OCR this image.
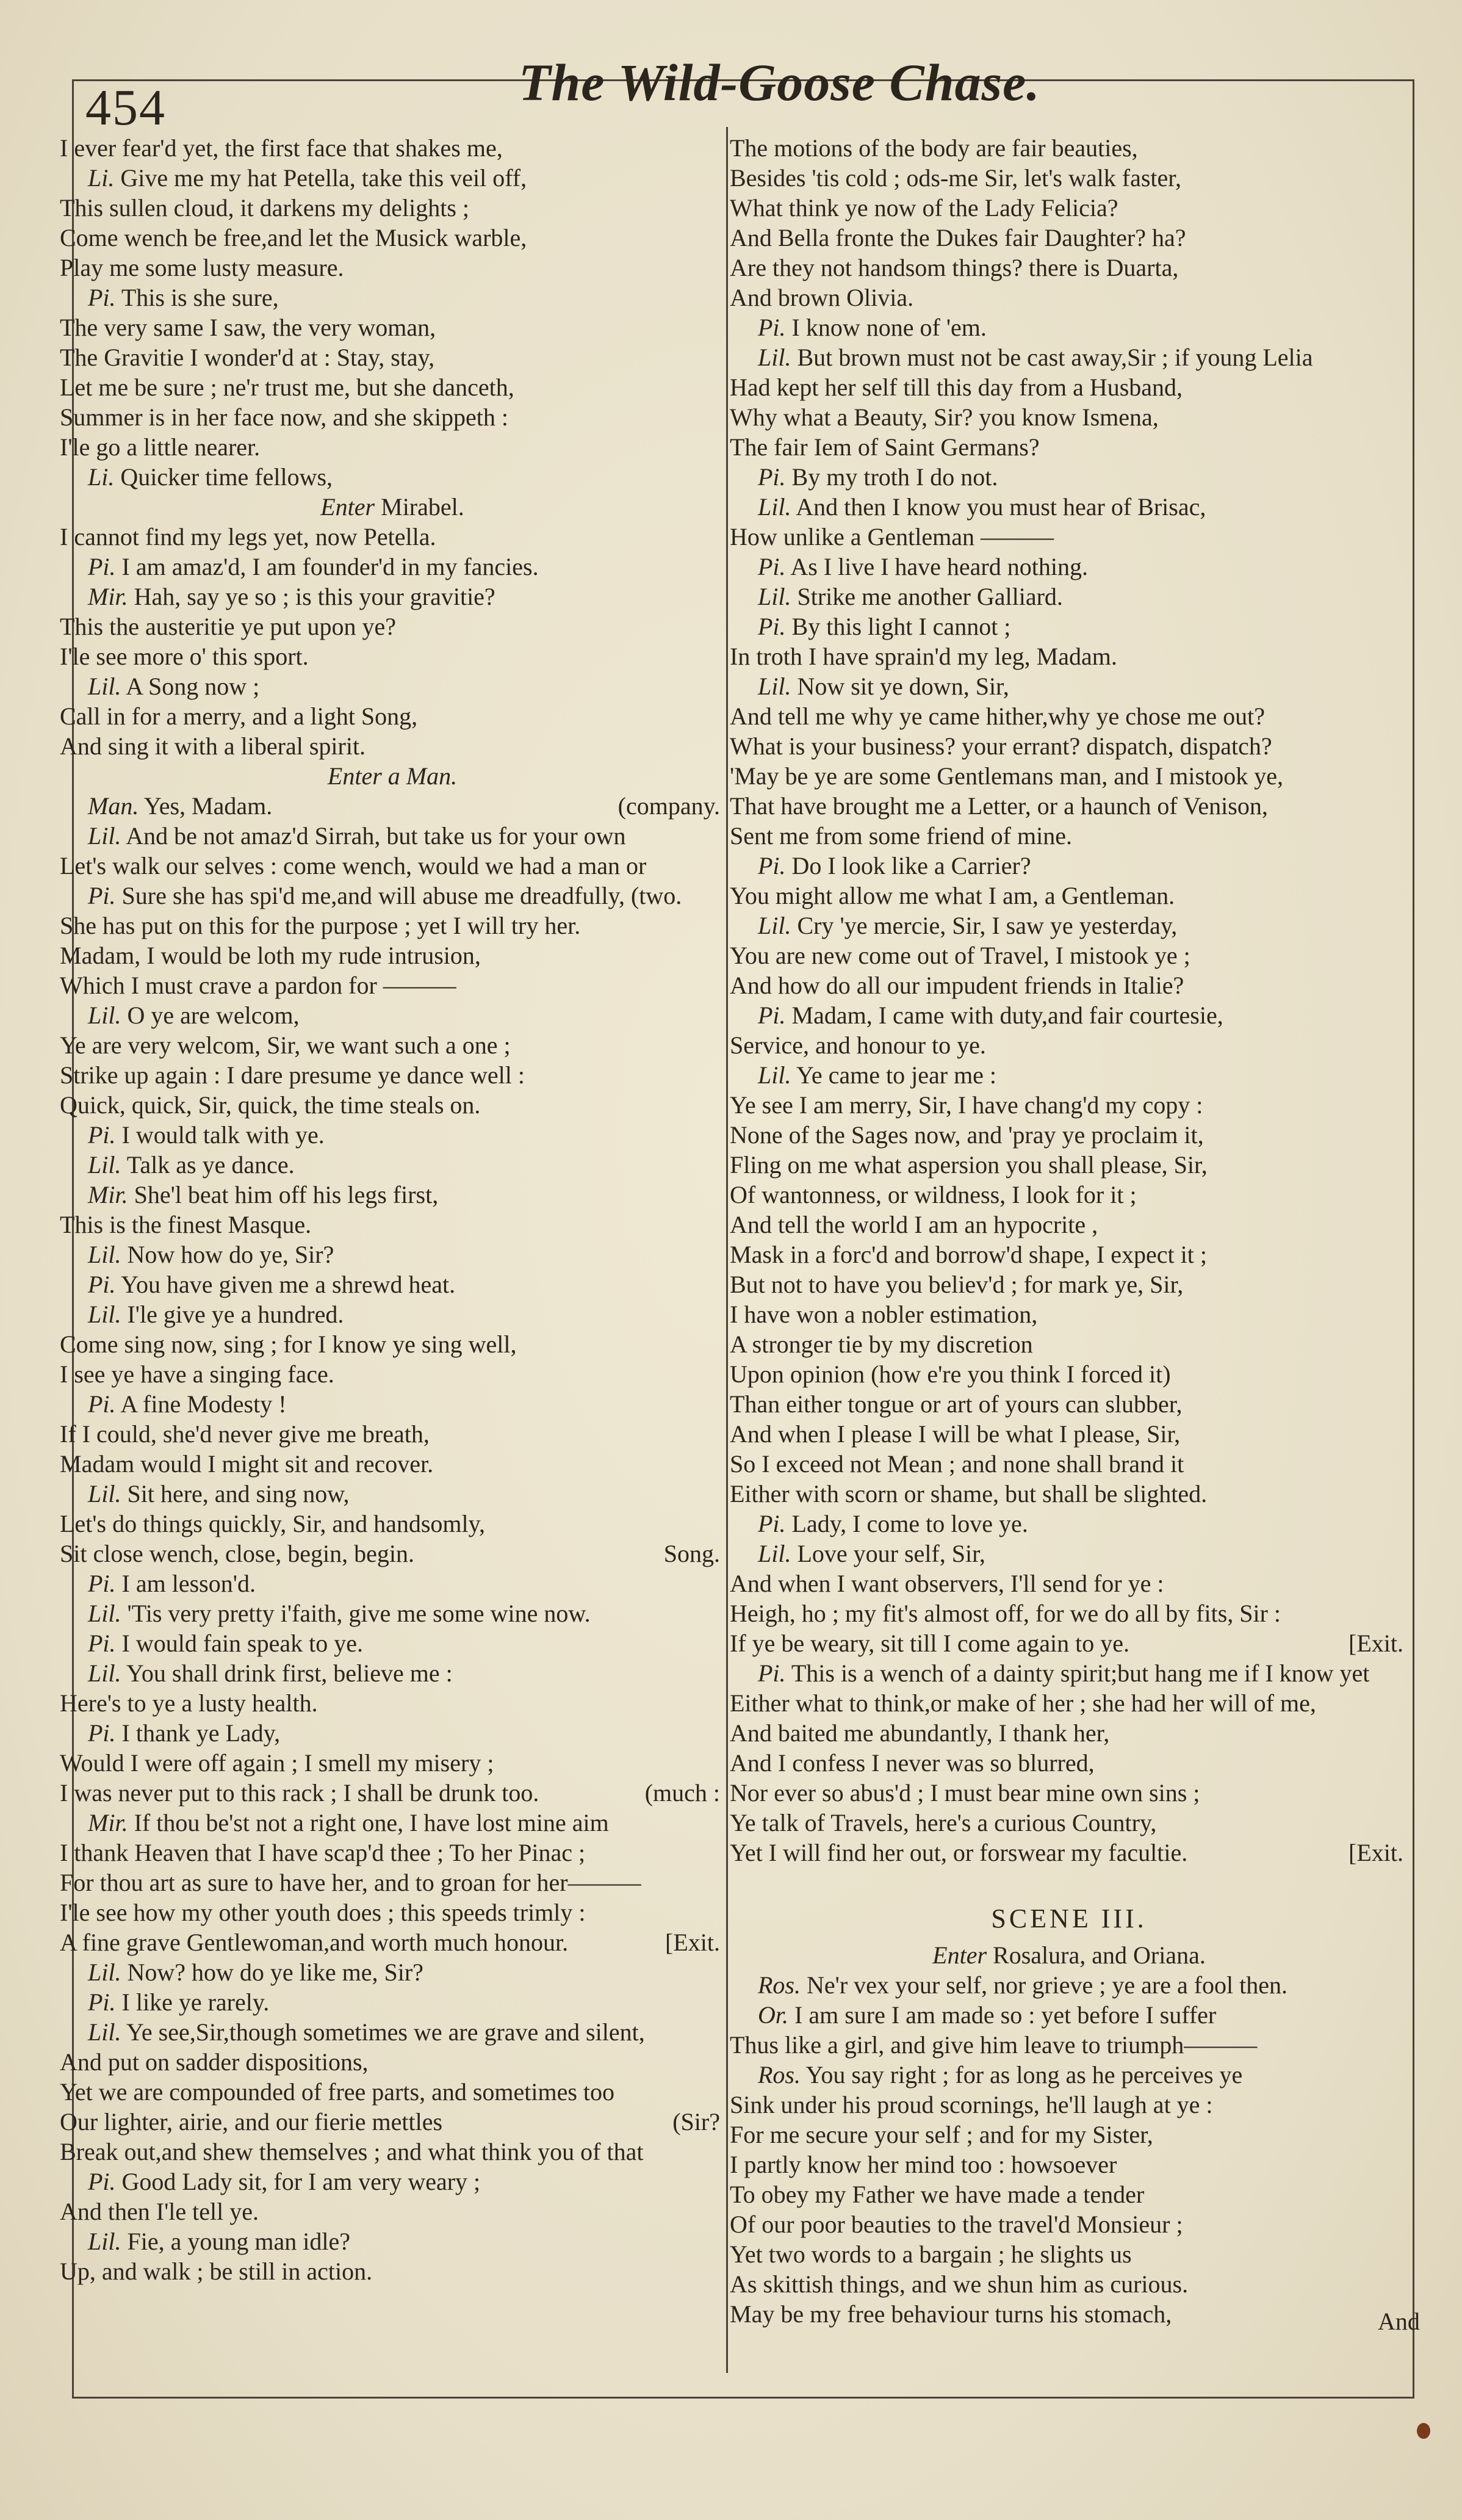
454	The Wild-Goose Chase.
I ever fear'd yet, the first face that shakes me,
Li. Give me my hat Petella, take this veil off,
This sullen cloud, it darkens my delights ;
Come wench be free,and let the Musick warble,
Play me some lusty measure.
Pi. This is she sure,
The very same I saw, the very woman,
The Gravitie I wonder'd at : Stay, stay,
Let me be sure ; ne'r trust me, but she danceth,
Summer is in her face now, and she skippeth :
I'le go a little nearer.
Li. Quicker time fellows,
Enter Mirabel.
I cannot find my legs yet, now Petella.
Pi. I am amaz'd, I am founder'd in my fancies.
Mir. Hah, say ye so ; is this your gravitie?
This the austeritie ye put upon ye?
I'le see more o' this sport.
Lil. A Song now ;
Call in for a merry, and a light Song,
And sing it with a liberal spirit.
Enter a Man.
Man. Yes, Madam.	(company.
Lil. And be not amaz'd Sirrah, but take us for your own
Let's walk our selves : come wench, would we had a man or
Pi. Sure she has spi'd me,and will abuse me dreadfully, (two.
She has put on this for the purpose ; yet I will try her.
Madam, I would be loth my rude intrusion,
Which I must crave a pardon for ———
Lil. O ye are welcom,
Ye are very welcom, Sir, we want such a one ;
Strike up again : I dare presume ye dance well :
Quick, quick, Sir, quick, the time steals on.
Pi. I would talk with ye.
Lil. Talk as ye dance.
Mir. She'l beat him off his legs first,
This is the finest Masque.
Lil. Now how do ye, Sir?
Pi. You have given me a shrewd heat.
Lil. I'le give ye a hundred.
Come sing now, sing ; for I know ye sing well,
I see ye have a singing face.
Pi. A fine Modesty !
If I could, she'd never give me breath,
Madam would I might sit and recover.
Lil. Sit here, and sing now,
Let's do things quickly, Sir, and handsomly,
Sit close wench, close, begin, begin.	Song.
Pi. I am lesson'd.
Lil. 'Tis very pretty i'faith, give me some wine now.
Pi. I would fain speak to ye.
Lil. You shall drink first, believe me :
Here's to ye a lusty health.
Pi. I thank ye Lady,
Would I were off again ; I smell my misery ;
I was never put to this rack ; I shall be drunk too.	(much :
Mir. If thou be'st not a right one, I have lost mine aim
I thank Heaven that I have scap'd thee ; To her Pinac ;
For thou art as sure to have her, and to groan for her———
I'le see how my other youth does ; this speeds trimly :
A fine grave Gentlewoman,and worth much honour.	[Exit.
Lil. Now? how do ye like me, Sir?
Pi. I like ye rarely.
Lil. Ye see,Sir,though sometimes we are grave and silent,
And put on sadder dispositions,
Yet we are compounded of free parts, and sometimes too
Our lighter, airie, and our fierie mettles	(Sir?
Break out,and shew themselves ; and what think you of that
Pi. Good Lady sit, for I am very weary ;
And then I'le tell ye.
Lil. Fie, a young man idle?
Up, and walk ; be still in action.
The motions of the body are fair beauties,
Besides 'tis cold ; ods-me Sir, let's walk faster,
What think ye now of the Lady Felicia?
And Bella fronte the Dukes fair Daughter? ha?
Are they not handsom things? there is Duarta,
And brown Olivia.
Pi. I know none of 'em.
Lil. But brown must not be cast away,Sir ; if young Lelia
Had kept her self till this day from a Husband,
Why what a Beauty, Sir? you know Ismena,
The fair Iem of Saint Germans?
Pi. By my troth I do not.
Lil. And then I know you must hear of Brisac,
How unlike a Gentleman ———
Pi. As I live I have heard nothing.
Lil. Strike me another Galliard.
Pi. By this light I cannot ;
In troth I have sprain'd my leg, Madam.
Lil. Now sit ye down, Sir,
And tell me why ye came hither,why ye chose me out?
What is your business? your errant? dispatch, dispatch?
'May be ye are some Gentlemans man, and I mistook ye,
That have brought me a Letter, or a haunch of Venison,
Sent me from some friend of mine.
Pi. Do I look like a Carrier?
You might allow me what I am, a Gentleman.
Lil. Cry 'ye mercie, Sir, I saw ye yesterday,
You are new come out of Travel, I mistook ye ;
And how do all our impudent friends in Italie?
Pi. Madam, I came with duty,and fair courtesie,
Service, and honour to ye.
Lil. Ye came to jear me :
Ye see I am merry, Sir, I have chang'd my copy :
None of the Sages now, and 'pray ye proclaim it,
Fling on me what aspersion you shall please, Sir,
Of wantonness, or wildness, I look for it ;
And tell the world I am an hypocrite ,
Mask in a forc'd and borrow'd shape, I expect it ;
But not to have you believ'd ; for mark ye, Sir,
I have won a nobler estimation,
A stronger tie by my discretion
Upon opinion (how e're you think I forced it)
Than either tongue or art of yours can slubber,
And when I please I will be what I please, Sir,
So I exceed not Mean ; and none shall brand it
Either with scorn or shame, but shall be slighted.
Pi. Lady, I come to love ye.
Lil. Love your self, Sir,
And when I want observers, I'll send for ye :
Heigh, ho ; my fit's almost off, for we do all by fits, Sir :
If ye be weary, sit till I come again to ye.	[Exit.
Pi. This is a wench of a dainty spirit;but hang me if I know yet
Either what to think,or make of her ; she had her will of me,
And baited me abundantly, I thank her,
And I confess I never was so blurred,
Nor ever so abus'd ; I must bear mine own sins ;
Ye talk of Travels, here's a curious Country,
Yet I will find her out, or forswear my facultie.	[Exit.
SCENE III.
Enter Rosalura, and Oriana.
Ros. Ne'r vex your self, nor grieve ; ye are a fool then.
Or. I am sure I am made so : yet before I suffer
Thus like a girl, and give him leave to triumph———
Ros. You say right ; for as long as he perceives ye
Sink under his proud scornings, he'll laugh at ye :
For me secure your self ; and for my Sister,
I partly know her mind too : howsoever
To obey my Father we have made a tender
Of our poor beauties to the travel'd Monsieur ;
Yet two words to a bargain ; he slights us
As skittish things, and we shun him as curious.
May be my free behaviour turns his stomach,	And
